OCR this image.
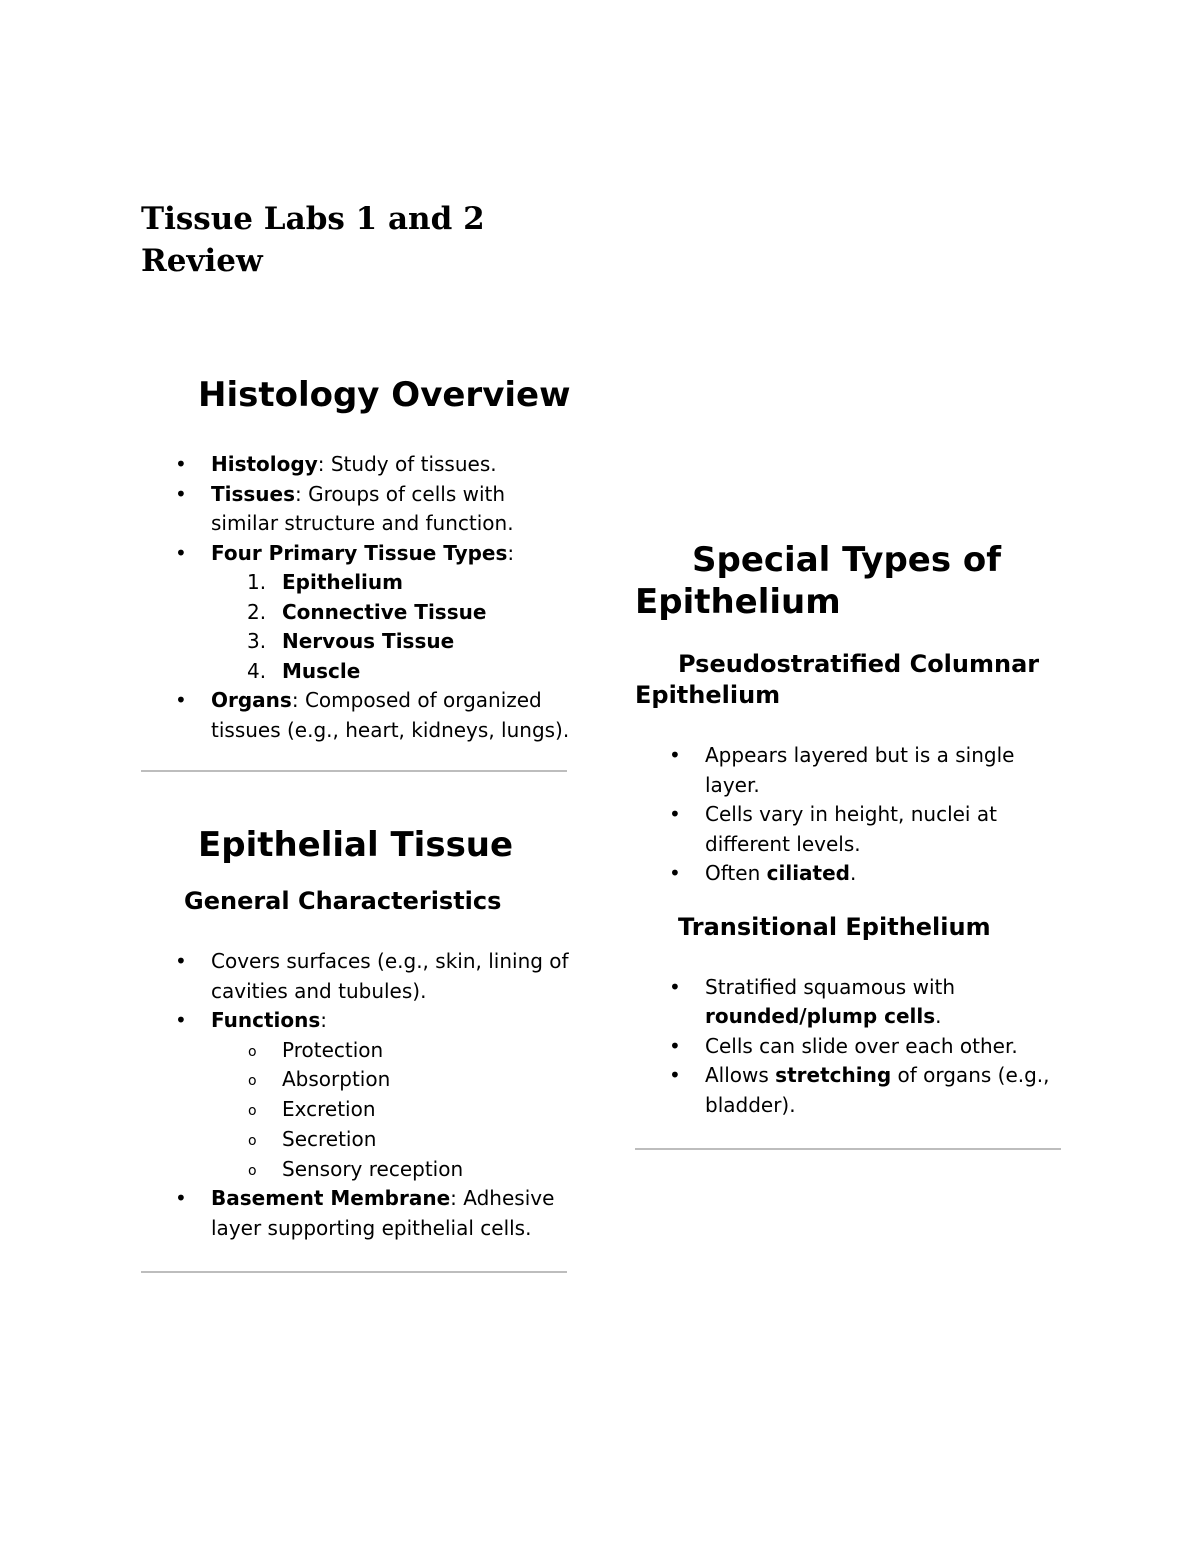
Tissue Labs 1 and 2 Review
Histology Overview
• Histology: Study of tissues.
• Tissues: Groups of cells with similar structure and function.
• Four Primary Tissue Types:
1. Epithelium
2. Connective Tissue
3. Nervous Tissue
4. Muscle
• Organs: Composed of organized tissues (e.g., heart, kidneys, lungs).
Epithelial Tissue
General Characteristics
• Covers surfaces (e.g., skin, lining of cavities and tubules).
• Functions:
o Protection
o Absorption
o Excretion
o Secretion
o Sensory reception
• Basement Membrane: Adhesive layer supporting epithelial cells.
Special Types of Epithelium
Pseudostratified Columnar Epithelium
• Appears layered but is a single layer.
• Cells vary in height, nuclei at different levels.
• Often ciliated.
Transitional Epithelium
• Stratified squamous with rounded/plump cells.
• Cells can slide over each other.
• Allows stretching of organs (e.g., bladder).
